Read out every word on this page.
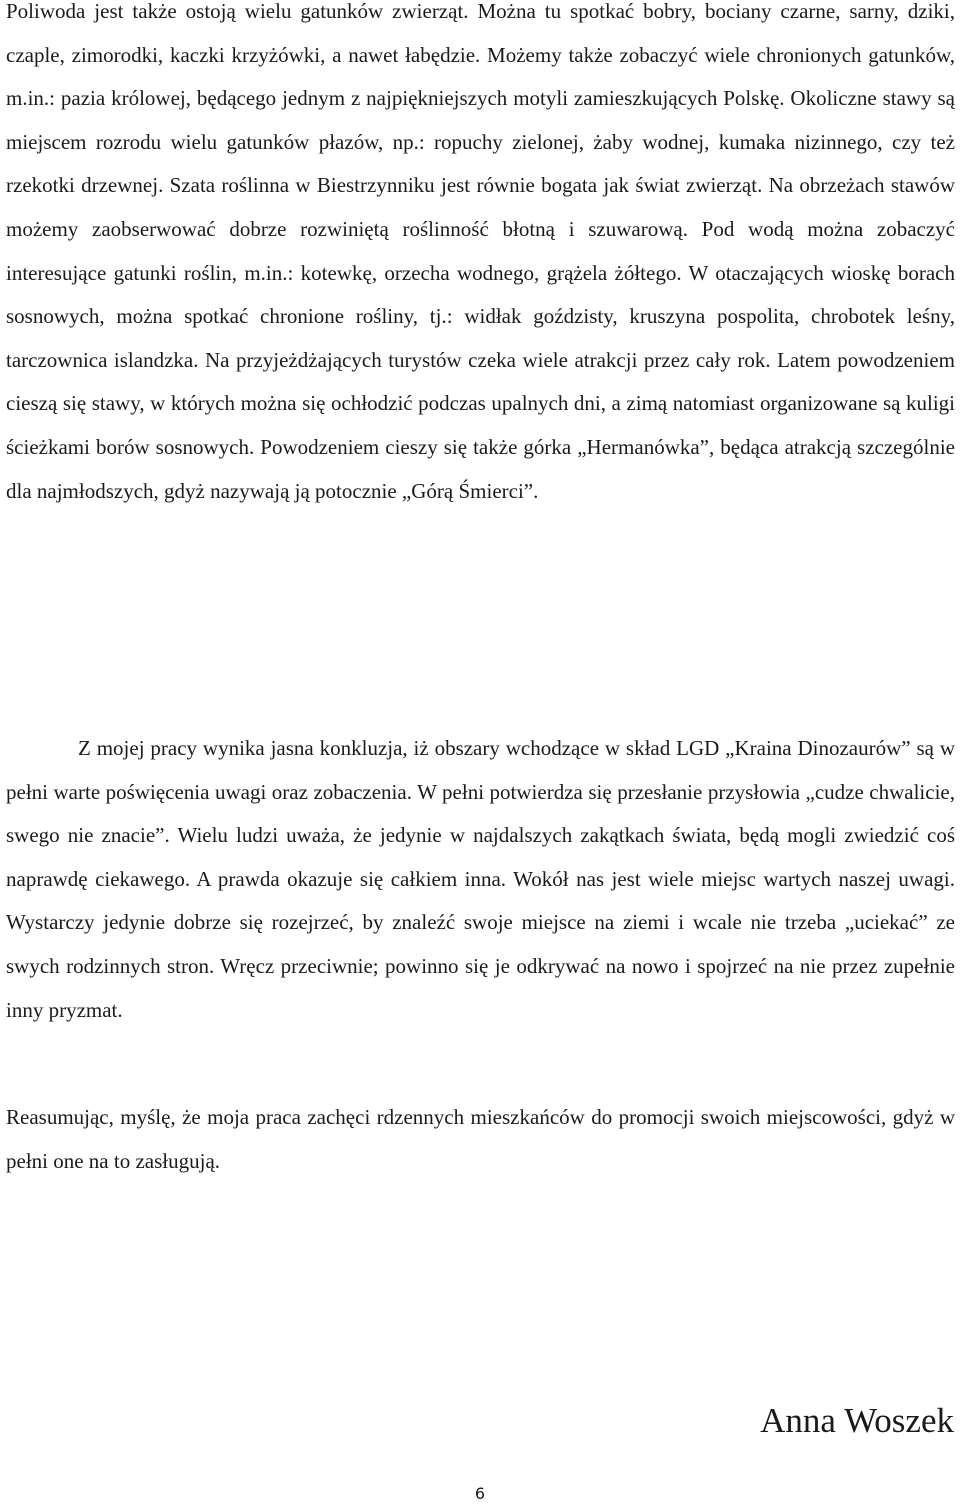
Poliwoda jest także ostoją wielu gatunków zwierząt. Można tu spotkać bobry, bociany czarne, sarny, dziki, czaple, zimorodki, kaczki krzyżówki, a nawet łabędzie. Możemy także zobaczyć wiele chronionych gatunków, m.in.: pazia królowej, będącego jednym z najpiękniejszych motyli zamieszkujących Polskę. Okoliczne stawy są miejscem rozrodu wielu gatunków płazów, np.: ropuchy zielonej, żaby wodnej, kumaka nizinnego, czy też rzekotki drzewnej. Szata roślinna w Biestrzynniku jest równie bogata jak świat zwierząt. Na obrzeżach stawów możemy zaobserwować dobrze rozwiniętą roślinność błotną i szuwarową. Pod wodą można zobaczyć interesujące gatunki roślin, m.in.: kotewkę, orzecha wodnego, grążela żółtego. W otaczających wioskę borach sosnowych, można spotkać chronione rośliny, tj.: widłak goździsty, kruszyna pospolita, chrobotek leśny, tarczownica islandzka. Na przyjeżdżających turystów czeka wiele atrakcji przez cały rok. Latem powodzeniem cieszą się stawy, w których można się ochłodzić podczas upalnych dni, a zimą natomiast organizowane są kuligi ścieżkami borów sosnowych. Powodzeniem cieszy się także górka „Hermanówka”, będąca atrakcją szczególnie dla najmłodszych, gdyż nazywają ją potocznie „Górą Śmierci”.

Z mojej pracy wynika jasna konkluzja, iż obszary wchodzące w skład LGD „Kraina Dinozaurów” są w pełni warte poświęcenia uwagi oraz zobaczenia. W pełni potwierdza się przesłanie przysłowia „cudze chwalicie, swego nie znacie”. Wielu ludzi uważa, że jedynie w najdalszych zakątkach świata, będą mogli zwiedzić coś naprawdę ciekawego. A prawda okazuje się całkiem inna. Wokół nas jest wiele miejsc wartych naszej uwagi. Wystarczy jedynie dobrze się rozejrzeć, by znaleźć swoje miejsce na ziemi i wcale nie trzeba „uciekać” ze swych rodzinnych stron. Wręcz przeciwnie; powinno się je odkrywać na nowo i spojrzeć na nie przez zupełnie inny pryzmat.

Reasumując, myślę, że moja praca zachęci rdzennych mieszkańców do promocji swoich miejscowości, gdyż w pełni one na to zasługują.

Anna Woszek

6
